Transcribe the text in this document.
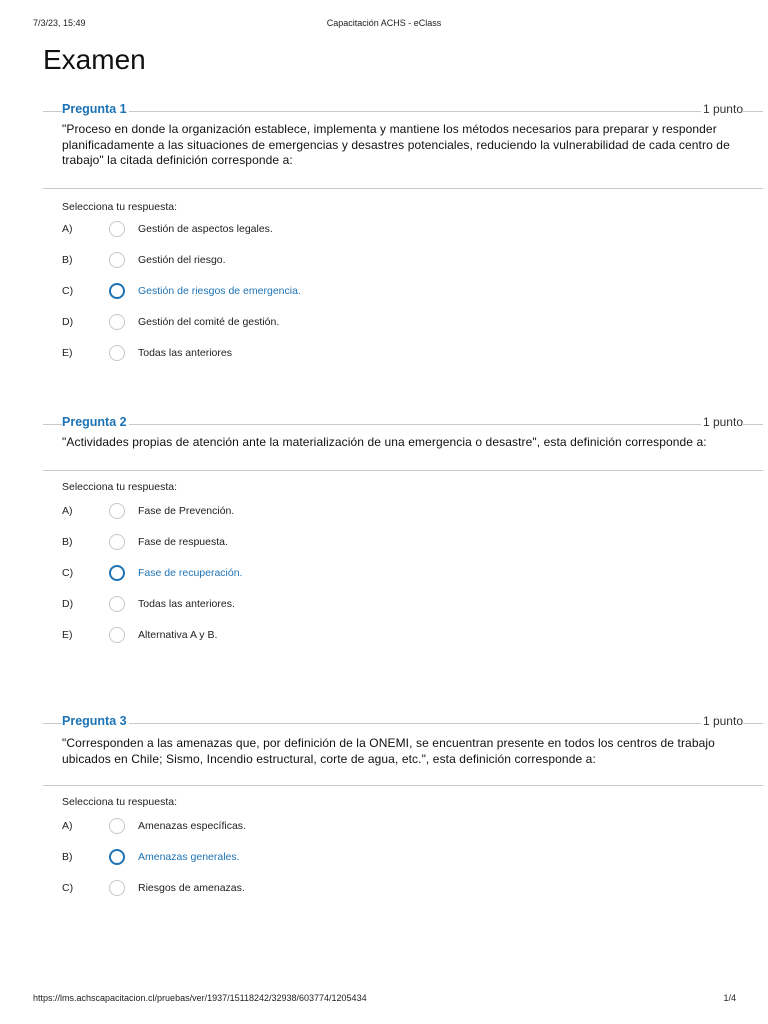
7/3/23, 15:49	Capacitación ACHS - eClass
Examen
Pregunta 1	1 punto

"Proceso en donde la organización establece, implementa y mantiene los métodos necesarios para preparar y responder planificadamente a las situaciones de emergencias y desastres potenciales, reduciendo la vulnerabilidad de cada centro de trabajo" la citada definición corresponde a:

Selecciona tu respuesta:
A)	Gestión de aspectos legales.
B)	Gestión del riesgo.
C)	Gestión de riesgos de emergencia.
D)	Gestión del comité de gestión.
E)	Todas las anteriores
Pregunta 2	1 punto

"Actividades propias de atención ante la materialización de una emergencia o desastre", esta definición corresponde a:

Selecciona tu respuesta:
A)	Fase de Prevención.
B)	Fase de respuesta.
C)	Fase de recuperación.
D)	Todas las anteriores.
E)	Alternativa A y B.
Pregunta 3	1 punto

"Corresponden a las amenazas que, por definición de la ONEMI, se encuentran presente en todos los centros de trabajo ubicados en Chile; Sismo, Incendio estructural, corte de agua, etc.", esta definición corresponde a:

Selecciona tu respuesta:
A)	Amenazas específicas.
B)	Amenazas generales.
C)	Riesgos de amenazas.
https://lms.achscapacitacion.cl/pruebas/ver/1937/15118242/32938/603774/1205434	1/4
